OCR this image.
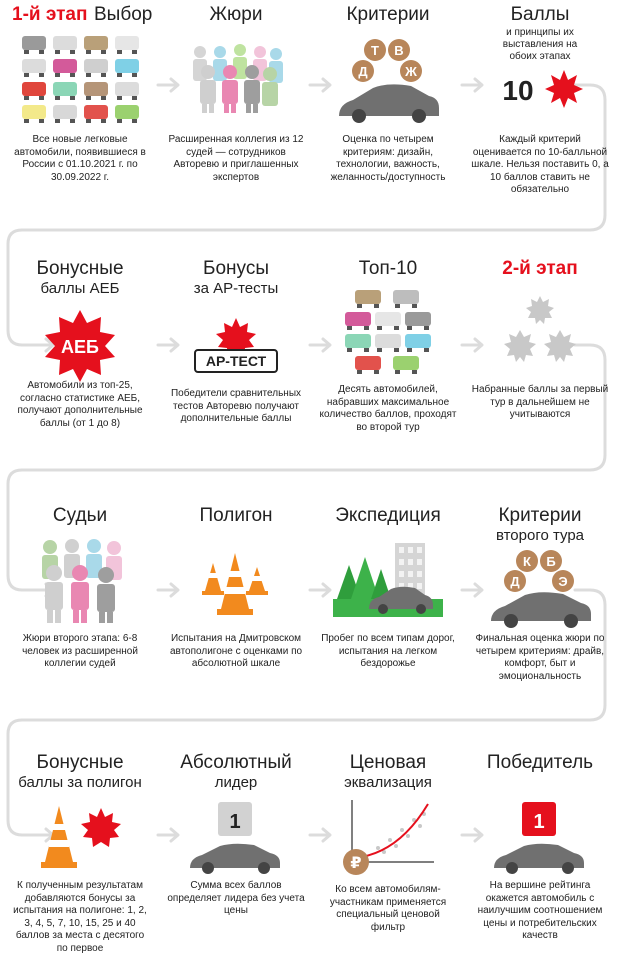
1-й этап Выбор
Все новые легковые автомобили, появившиеся в России с 01.10.2021 г. по 30.09.2022 г.
Жюри
Расширенная коллегия из 12 судей — сотрудников Авторевю и приглашенных экспертов
Критерии
Т В
Д	Ж
Оценка по четырем критериям: дизайн, технологии, важность, желанность/доступность
Баллы
и принципы их выставления на обоих этапах
10
Каждый критерий оценивается по 10-балльной шкале. Нельзя поставить 0, а 10 баллов ставить не обязательно
Бонусные
баллы АЕБ
АЕБ
Автомобили из топ-25, согласно статистике АЕБ, получают дополнительные баллы (от 1 до 8)
Бонусы
за АР-тесты
АР-ТЕСТ
Победители сравнительных тестов Авторевю получают дополнительные баллы
Топ-10
Десять автомобилей, набравших максимальное количество баллов, проходят во второй тур
2-й этап
Набранные баллы за первый тур в дальнейшем не учитываются
Судьи
Жюри второго этапа: 6-8 человек из расширенной коллегии судей
Полигон
Испытания на Дмитровском автополигоне с оценками по абсолютной шкале
Экспедиция
Пробег по всем типам дорог, испытания на легком бездорожье
Критерии
второго тура
К Б
Д	Э
Финальная оценка жюри по четырем критериям: драйв, комфорт, быт и эмоциональность
Бонусные
баллы за полигон
К полученным результатам добавляются бонусы за испытания на полигоне: 1, 2, 3, 4, 5, 7, 10, 15, 25 и 40 баллов за места с десятого по первое
Абсолютный
лидер
1
Сумма всех баллов определяет лидера без учета цены
Ценовая
эквализация
₽
Ко всем автомобилям-участникам применяется специальный ценовой фильтр
Победитель
1
На вершине рейтинга окажется автомобиль с наилучшим соотношением цены и потребительских качеств
